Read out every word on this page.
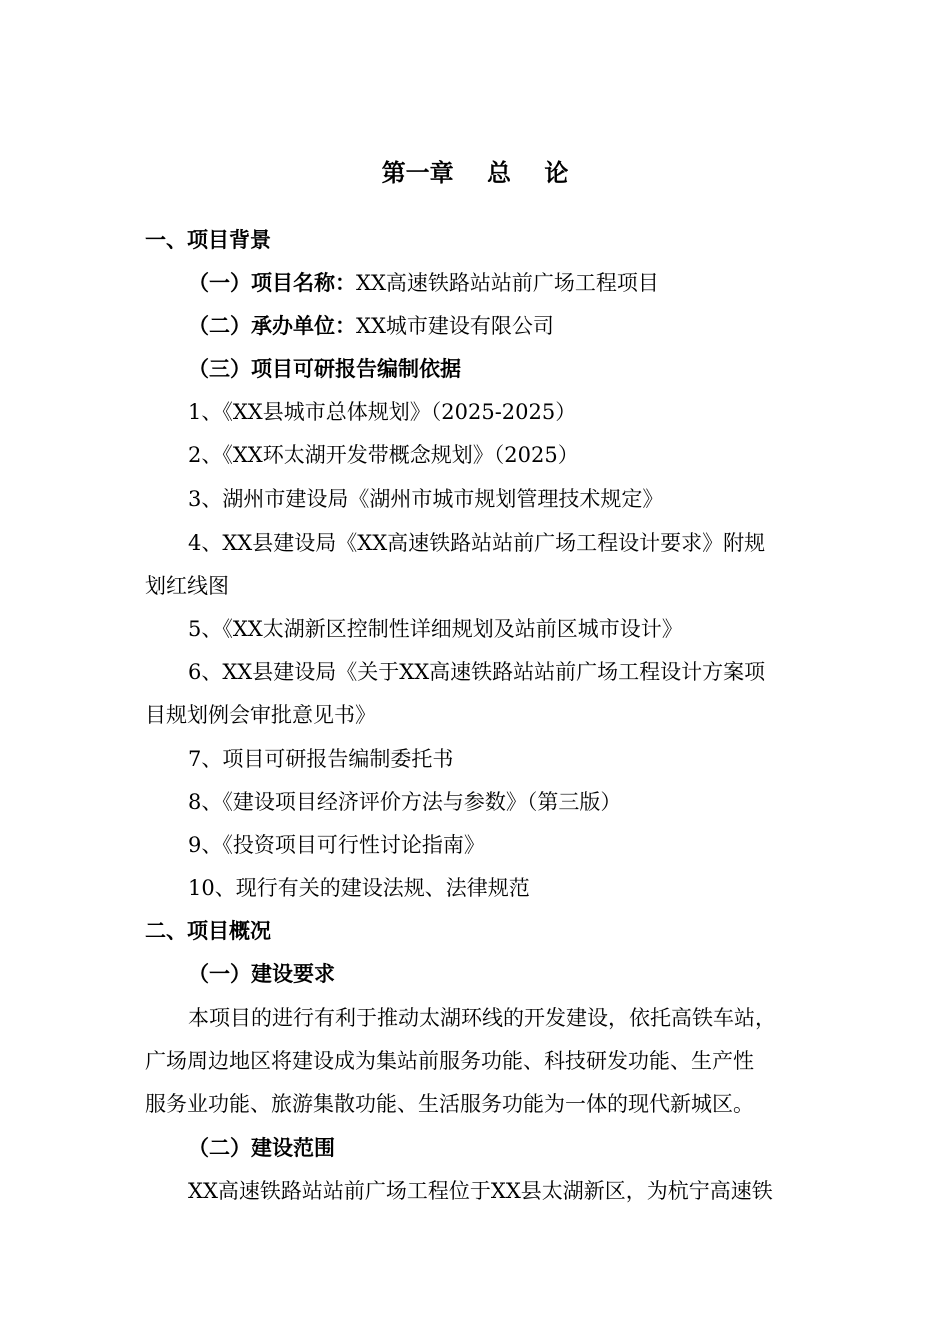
第一章    总    论
一、项目背景
（一）项目名称：XX高速铁路站站前广场工程项目
（二）承办单位：XX城市建设有限公司
（三）项目可研报告编制依据
1、《XX县城市总体规划》（2025-2025）
2、《XX环太湖开发带概念规划》（2025）
3、湖州市建设局《湖州市城市规划管理技术规定》
4、XX县建设局《XX高速铁路站站前广场工程设计要求》附规
划红线图
5、《XX太湖新区控制性详细规划及站前区城市设计》
6、XX县建设局《关于XX高速铁路站站前广场工程设计方案项
目规划例会审批意见书》
7、项目可研报告编制委托书
8、《建设项目经济评价方法与参数》（第三版）
9、《投资项目可行性讨论指南》
10、现行有关的建设法规、法律规范
二、项目概况
（一）建设要求
本项目的进行有利于推动太湖环线的开发建设，依托高铁车站，
广场周边地区将建设成为集站前服务功能、科技研发功能、生产性
服务业功能、旅游集散功能、生活服务功能为一体的现代新城区。
（二）建设范围
XX高速铁路站站前广场工程位于XX县太湖新区，为杭宁高速铁
